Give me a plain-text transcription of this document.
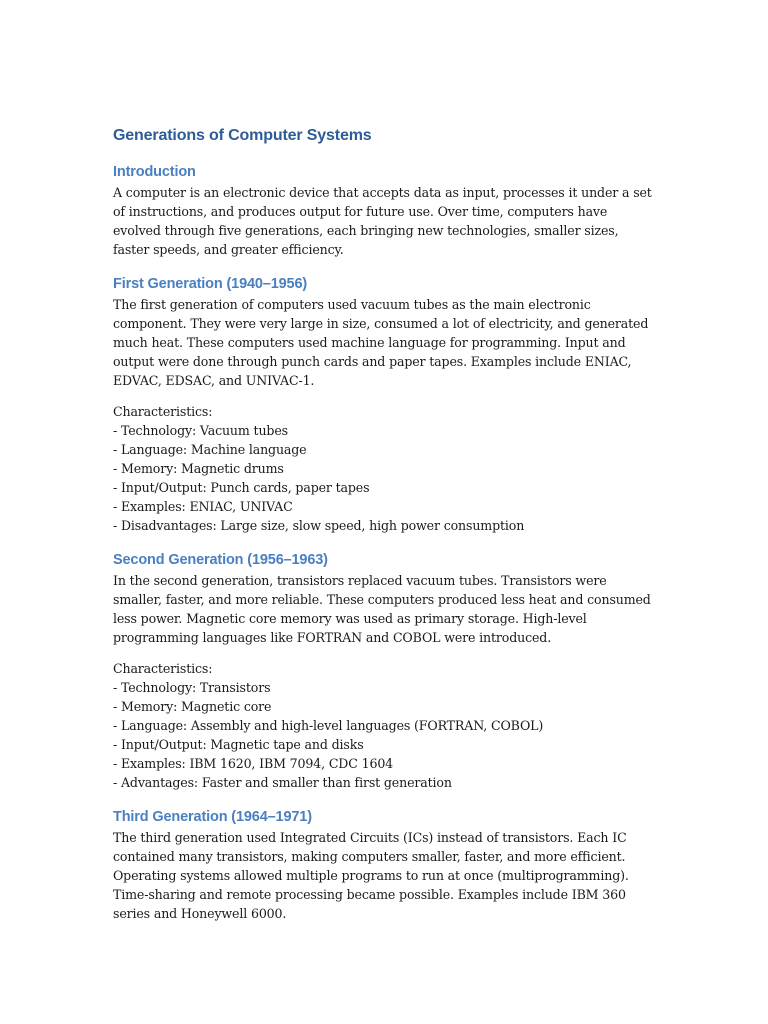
Generations of Computer Systems
Introduction

A computer is an electronic device that accepts data as input, processes it under a set of instructions, and produces output for future use. Over time, computers have evolved through five generations, each bringing new technologies, smaller sizes, faster speeds, and greater efficiency.

First Generation (1940–1956)

The first generation of computers used vacuum tubes as the main electronic component. They were very large in size, consumed a lot of electricity, and generated much heat. These computers used machine language for programming. Input and output were done through punch cards and paper tapes. Examples include ENIAC, EDVAC, EDSAC, and UNIVAC-1.

Characteristics:

- Technology: Vacuum tubes
- Language: Machine language
- Memory: Magnetic drums
- Input/Output: Punch cards, paper tapes
- Examples: ENIAC, UNIVAC
- Disadvantages: Large size, slow speed, high power consumption
Second Generation (1956–1963)

In the second generation, transistors replaced vacuum tubes. Transistors were smaller, faster, and more reliable. These computers produced less heat and consumed less power. Magnetic core memory was used as primary storage. High-level programming languages like FORTRAN and COBOL were introduced.

Characteristics:

- Technology: Transistors
- Memory: Magnetic core
- Language: Assembly and high-level languages (FORTRAN, COBOL)
- Input/Output: Magnetic tape and disks
- Examples: IBM 1620, IBM 7094, CDC 1604
- Advantages: Faster and smaller than first generation
Third Generation (1964–1971)

The third generation used Integrated Circuits (ICs) instead of transistors. Each IC contained many transistors, making computers smaller, faster, and more efficient. Operating systems allowed multiple programs to run at once (multiprogramming). Time-sharing and remote processing became possible. Examples include IBM 360 series and Honeywell 6000.
